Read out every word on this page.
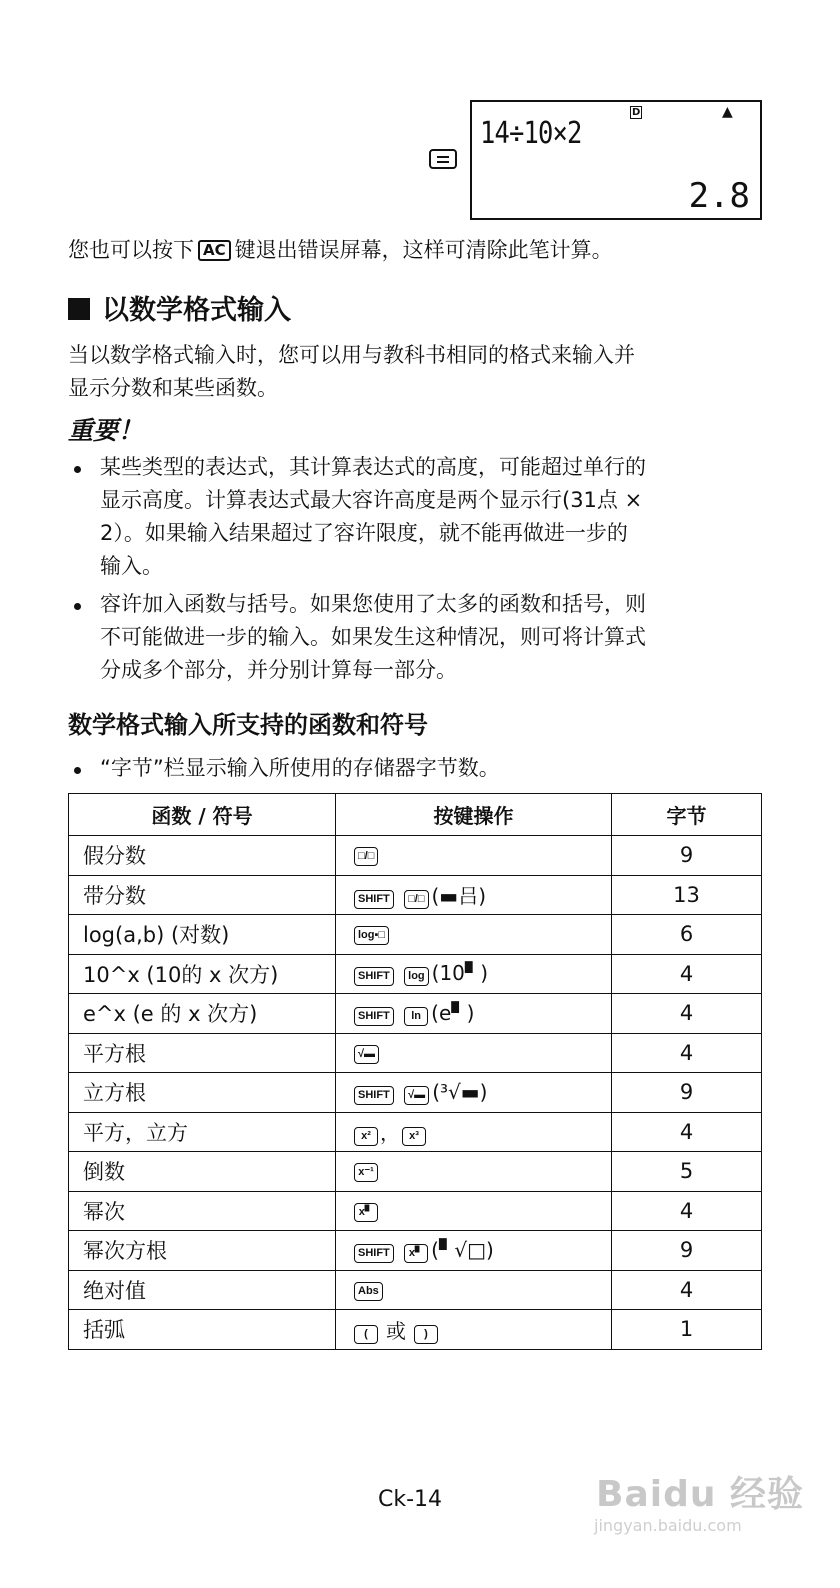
D	▲
14÷10×2
2.8
您也可以按下 AC 键退出错误屏幕，这样可清除此笔计算。
以数学格式输入
当以数学格式输入时，您可以用与教科书相同的格式来输入并
显示分数和某些函数。
重要！
某些类型的表达式，其计算表达式的高度，可能超过单行的
显示高度。计算表达式最大容许高度是两个显示行(31点 ×
2）。如果输入结果超过了容许限度，就不能再做进一步的
输入。
容许加入函数与括号。如果您使用了太多的函数和括号，则
不可能做进一步的输入。如果发生这种情况，则可将计算式
分成多个部分，并分别计算每一部分。
数学格式输入所支持的函数和符号
“字节”栏显示输入所使用的存储器字节数。
函数 / 符号	按键操作	字节
假分数	□/□	9
带分数	SHIFT □/□ (▬吕)	13
log(a,b) (对数)	log▪□	6
10^x (10的 x 次方)	SHIFT log (10▘)	4
e^x (e 的 x 次方)	SHIFT ln (e▘)	4
平方根	√▬	4
立方根	SHIFT √▬ (³√▬)	9
平方，立方	x² ， x³	4
倒数	x⁻¹	5
幂次	x▘	4
幂次方根	SHIFT x▘ (▘√□)	9
绝对值	Abs	4
括弧	( 或 )	1
Ck-14	Baidu 经验
jingyan.baidu.com
